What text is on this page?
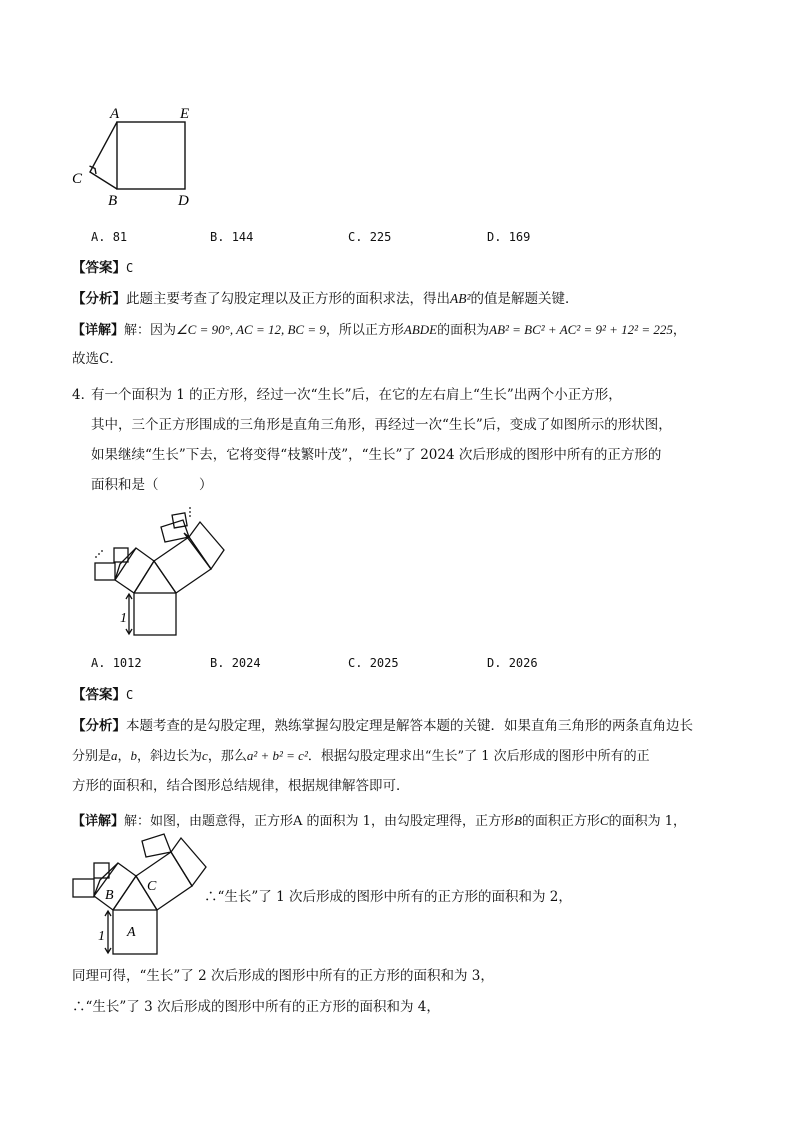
A	E
C
B	D
A. 81	B. 144	C. 225	D. 169
【答案】C
【分析】此题主要考查了勾股定理以及正方形的面积求法，得出AB²的值是解题关键．
【详解】解：因为∠C = 90°, AC = 12, BC = 9，所以正方形ABDE的面积为AB² = BC² + AC² = 9² + 12² = 225，
故选C．
4．
有一个面积为 1 的正方形，经过一次“生长”后，在它的左右肩上“生长”出两个小正方形，
其中，三个正方形围成的三角形是直角三角形，再经过一次“生长”后，变成了如图所示的形状图，
如果继续“生长”下去，它将变得“枝繁叶茂”，“生长”了 2024 次后形成的图形中所有的正方形的
面积和是（　　　）
1
A. 1012	B. 2024	C. 2025	D. 2026
【答案】C
【分析】本题考查的是勾股定理，熟练掌握勾股定理是解答本题的关键．如果直角三角形的两条直角边长
分别是a，b，斜边长为c，那么a² + b² = c²．根据勾股定理求出“生长”了 1 次后形成的图形中所有的正
方形的面积和，结合图形总结规律，根据规律解答即可．
【详解】解：如图，由题意得，正方形A 的面积为 1，由勾股定理得，正方形B的面积正方形C的面积为 1，
A
B
C
1
∴“生长”了 1 次后形成的图形中所有的正方形的面积和为 2，
同理可得，“生长”了 2 次后形成的图形中所有的正方形的面积和为 3，
∴“生长”了 3 次后形成的图形中所有的正方形的面积和为 4，
